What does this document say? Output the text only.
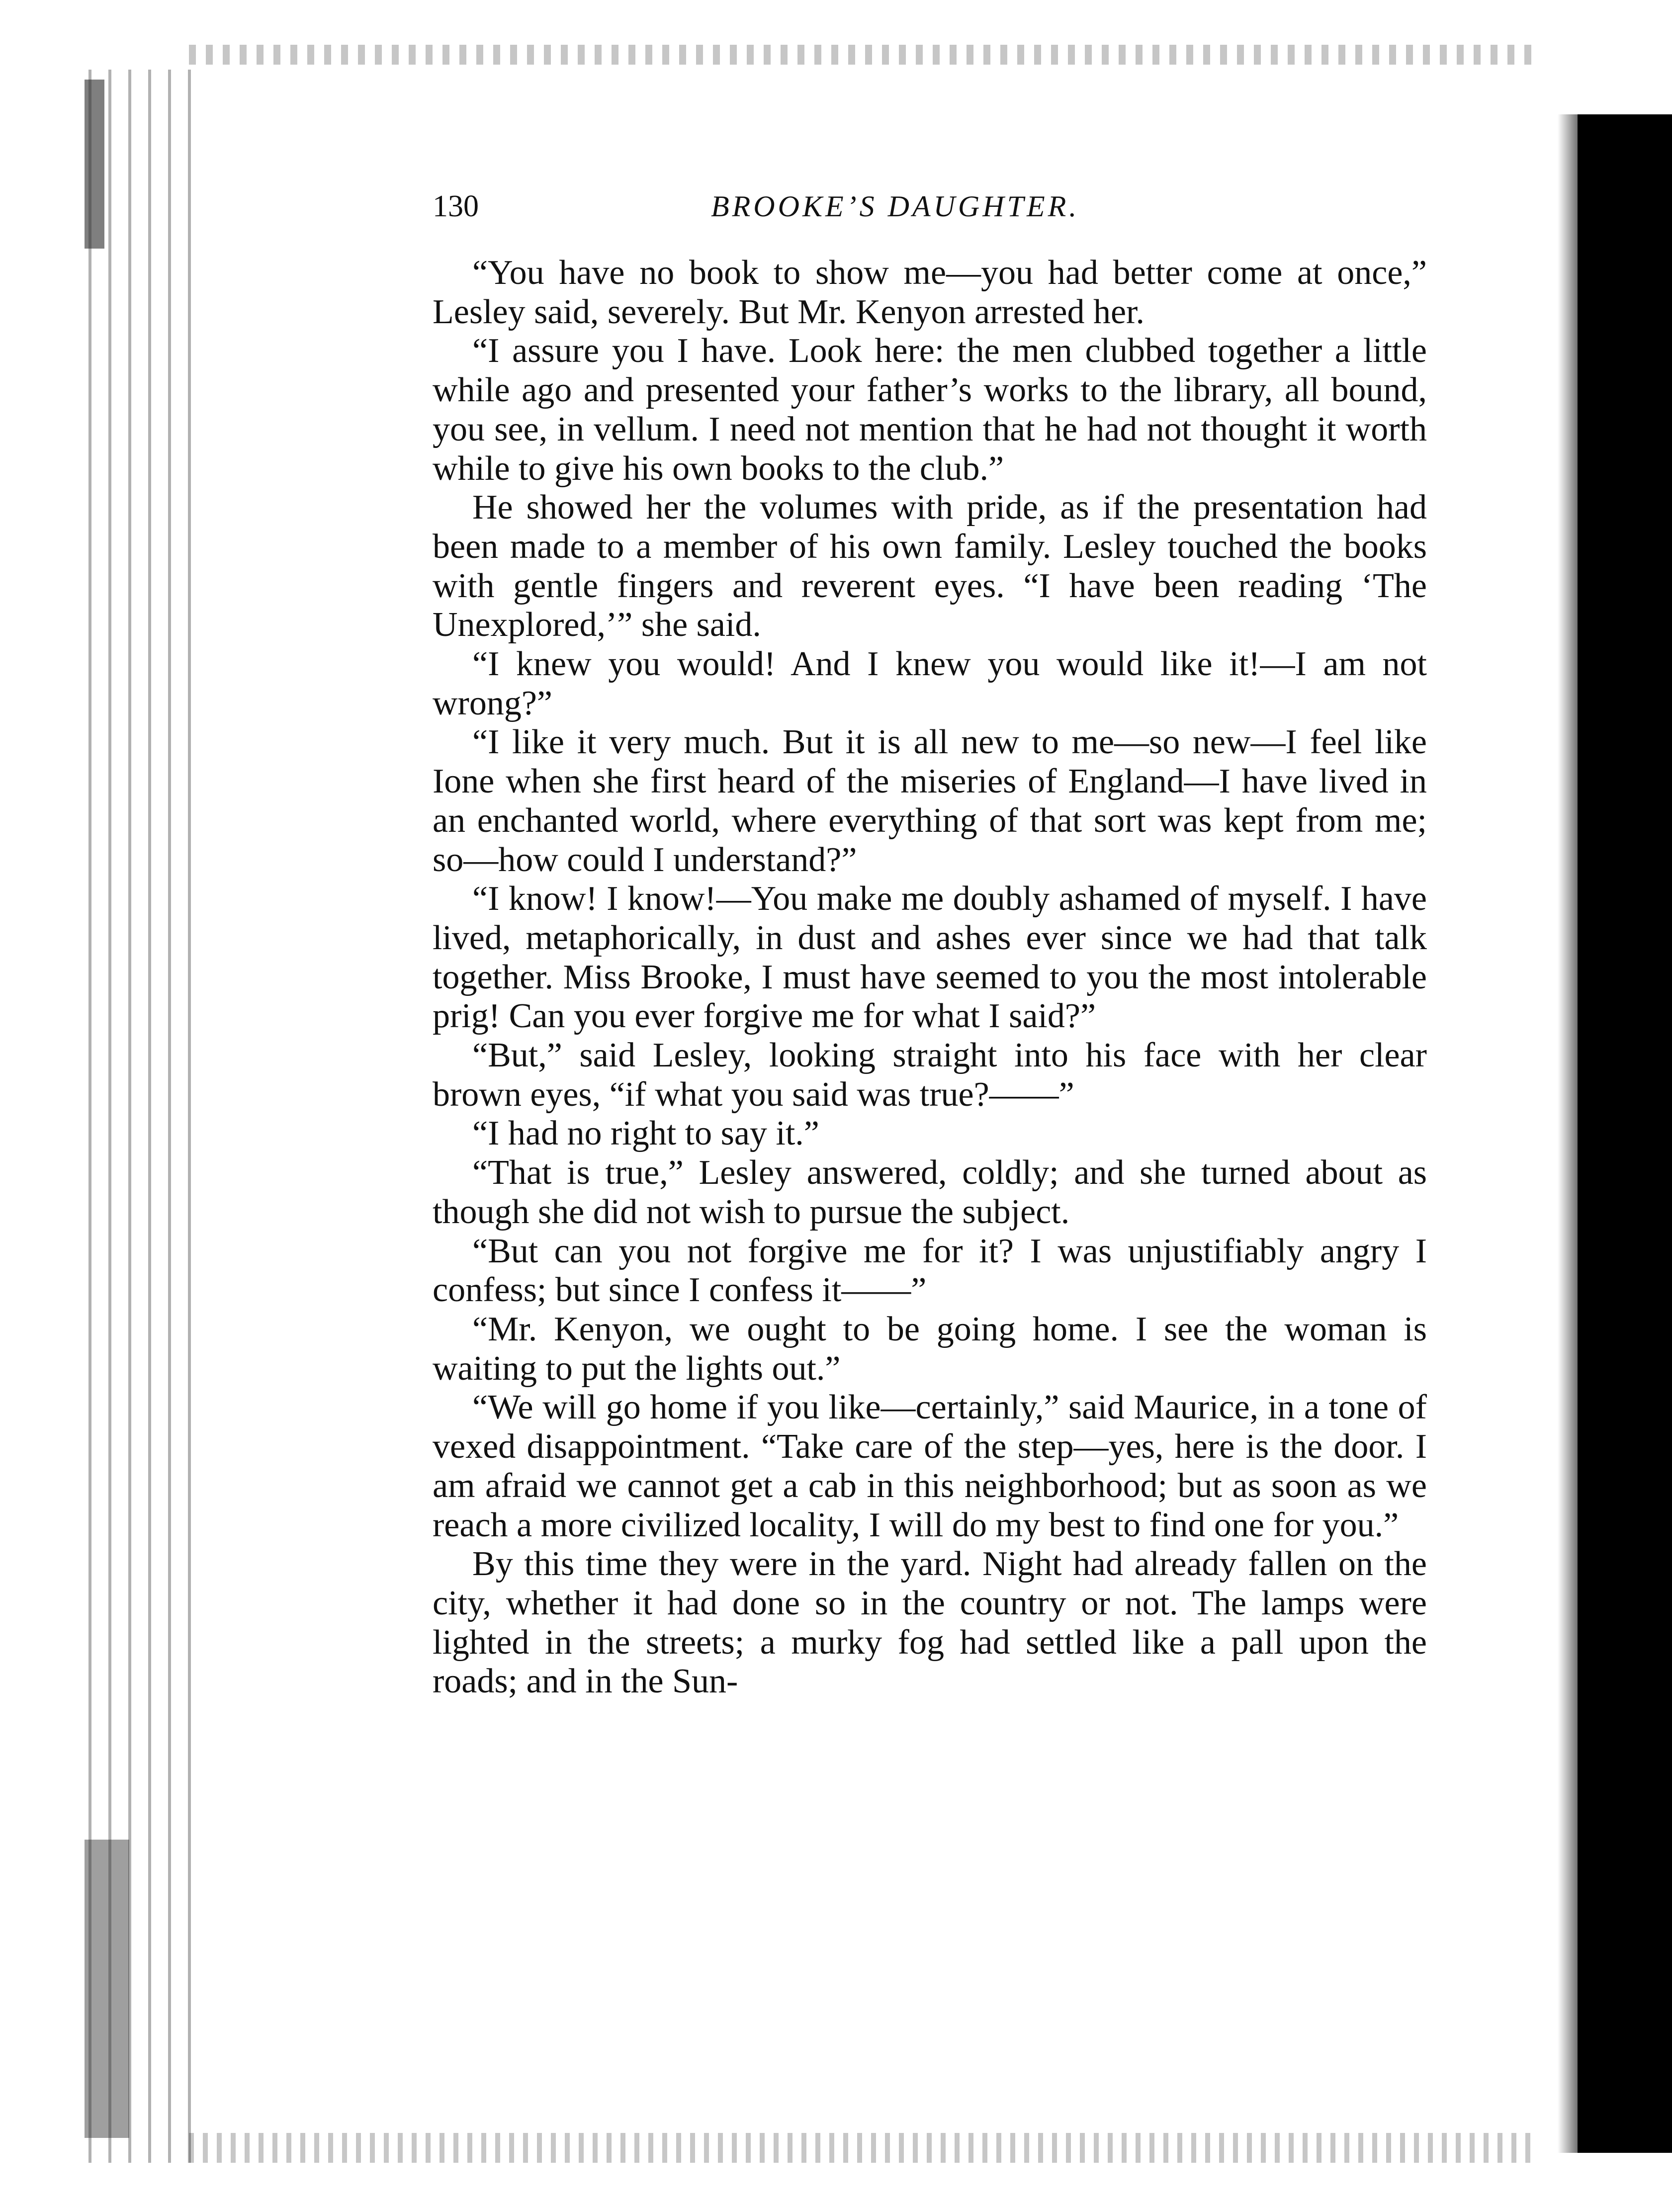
130	BROOKE’S DAUGHTER.

“You have no book to show me—you had better come at once,” Lesley said, severely. But Mr. Kenyon arrested her.

“I assure you I have. Look here: the men clubbed together a little while ago and presented your father’s works to the library, all bound, you see, in vellum. I need not mention that he had not thought it worth while to give his own books to the club.”

He showed her the volumes with pride, as if the presentation had been made to a member of his own family. Lesley touched the books with gentle fingers and reverent eyes. “I have been reading ‘The Unexplored,’” she said.

“I knew you would! And I knew you would like it!—I am not wrong?”

“I like it very much. But it is all new to me—so new—I feel like Ione when she first heard of the miseries of England—I have lived in an enchanted world, where everything of that sort was kept from me; so—how could I understand?”

“I know! I know!—You make me doubly ashamed of myself. I have lived, metaphorically, in dust and ashes ever since we had that talk together. Miss Brooke, I must have seemed to you the most intolerable prig! Can you ever forgive me for what I said?”

“But,” said Lesley, looking straight into his face with her clear brown eyes, “if what you said was true?——”

“I had no right to say it.”

“That is true,” Lesley answered, coldly; and she turned about as though she did not wish to pursue the subject.

“But can you not forgive me for it? I was unjustifiably angry I confess; but since I confess it——”

“Mr. Kenyon, we ought to be going home. I see the woman is waiting to put the lights out.”

“We will go home if you like—certainly,” said Maurice, in a tone of vexed disappointment. “Take care of the step—yes, here is the door. I am afraid we cannot get a cab in this neighborhood; but as soon as we reach a more civilized locality, I will do my best to find one for you.”

By this time they were in the yard. Night had already fallen on the city, whether it had done so in the country or not. The lamps were lighted in the streets; a murky fog had settled like a pall upon the roads; and in the Sun-
